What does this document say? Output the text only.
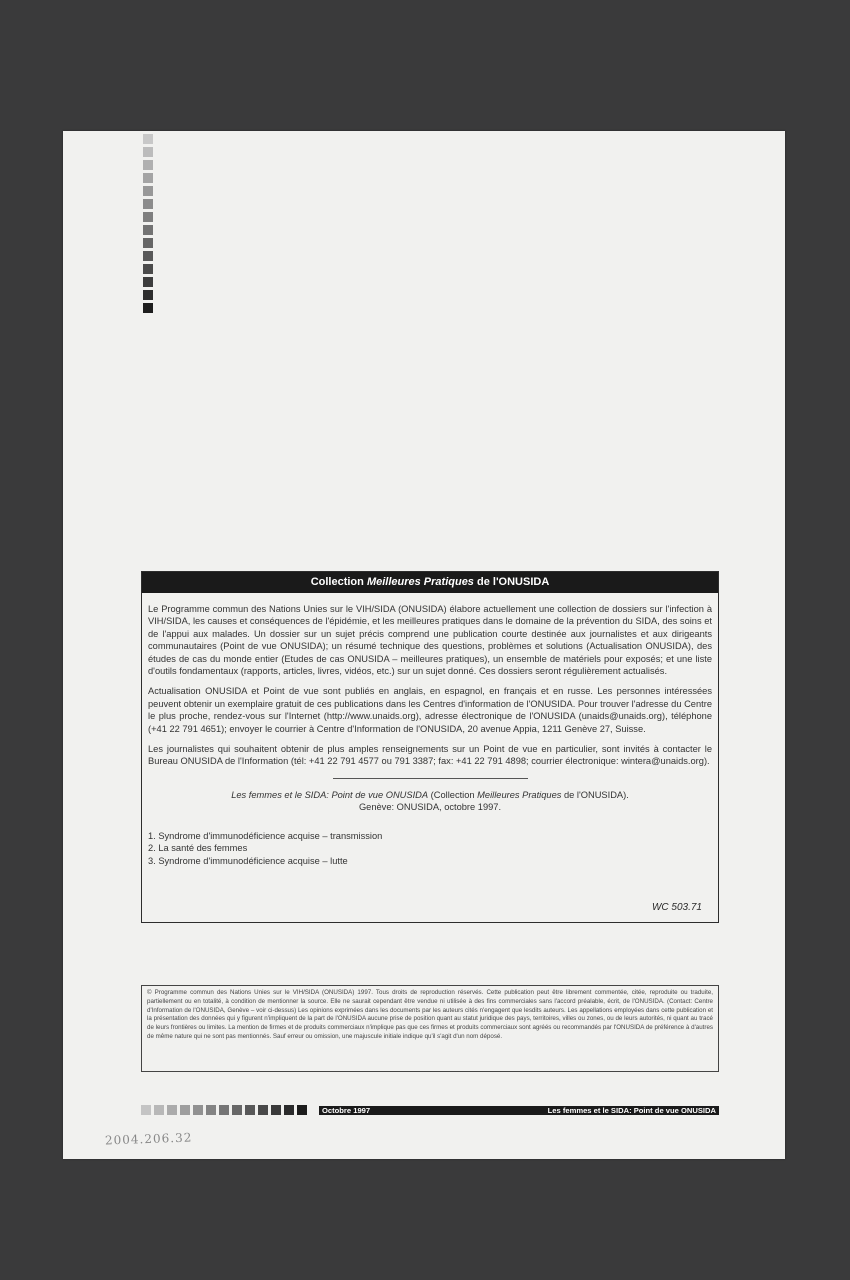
Collection Meilleures Pratiques de l'ONUSIDA

Le Programme commun des Nations Unies sur le VIH/SIDA (ONUSIDA) élabore actuellement une collection de dossiers sur l'infection à VIH/SIDA, les causes et conséquences de l'épidémie, et les meilleures pratiques dans le domaine de la prévention du SIDA, des soins et de l'appui aux malades. Un dossier sur un sujet précis comprend une publication courte destinée aux journalistes et aux dirigeants communautaires (Point de vue ONUSIDA); un résumé technique des questions, problèmes et solutions (Actualisation ONUSIDA), des études de cas du monde entier (Etudes de cas ONUSIDA – meilleures pratiques), un ensemble de matériels pour exposés; et une liste d'outils fondamentaux (rapports, articles, livres, vidéos, etc.) sur un sujet donné. Ces dossiers seront régulièrement actualisés.

Actualisation ONUSIDA et Point de vue sont publiés en anglais, en espagnol, en français et en russe. Les personnes intéressées peuvent obtenir un exemplaire gratuit de ces publications dans les Centres d'information de l'ONUSIDA. Pour trouver l'adresse du Centre le plus proche, rendez-vous sur l'Internet (http://www.unaids.org), adresse électronique de l'ONUSIDA (unaids@unaids.org), téléphone (+41 22 791 4651); envoyer le courrier à Centre d'Information de l'ONUSIDA, 20 avenue Appia, 1211 Genève 27, Suisse.

Les journalistes qui souhaitent obtenir de plus amples renseignements sur un Point de vue en particulier, sont invités à contacter le Bureau ONUSIDA de l'Information (tél: +41 22 791 4577 ou 791 3387; fax: +41 22 791 4898; courrier électronique: wintera@unaids.org).

Les femmes et le SIDA: Point de vue ONUSIDA (Collection Meilleures Pratiques de l'ONUSIDA).
Genève: ONUSIDA, octobre 1997.
1. Syndrome d'immunodéficience acquise – transmission
2. La santé des femmes
3. Syndrome d'immunodéficience acquise – lutte
WC 503.71
© Programme commun des Nations Unies sur le VIH/SIDA (ONUSIDA) 1997. Tous droits de reproduction réservés. Cette publication peut être librement commentée, citée, reproduite ou traduite, partiellement ou en totalité, à condition de mentionner la source. Elle ne saurait cependant être vendue ni utilisée à des fins commerciales sans l'accord préalable, écrit, de l'ONUSIDA. (Contact: Centre d'Information de l'ONUSIDA, Genève – voir ci-dessus) Les opinions exprimées dans les documents par les auteurs cités n'engagent que lesdits auteurs. Les appellations employées dans cette publication et la présentation des données qui y figurent n'impliquent de la part de l'ONUSIDA aucune prise de position quant au statut juridique des pays, territoires, villes ou zones, ou de leurs autorités, ni quant au tracé de leurs frontières ou limites. La mention de firmes et de produits commerciaux n'implique pas que ces firmes et produits commerciaux sont agréés ou recommandés par l'ONUSIDA de préférence à d'autres de même nature qui ne sont pas mentionnés. Sauf erreur ou omission, une majuscule initiale indique qu'il s'agit d'un nom déposé.
Octobre 1997	Les femmes et le SIDA: Point de vue ONUSIDA
2004.206.32
